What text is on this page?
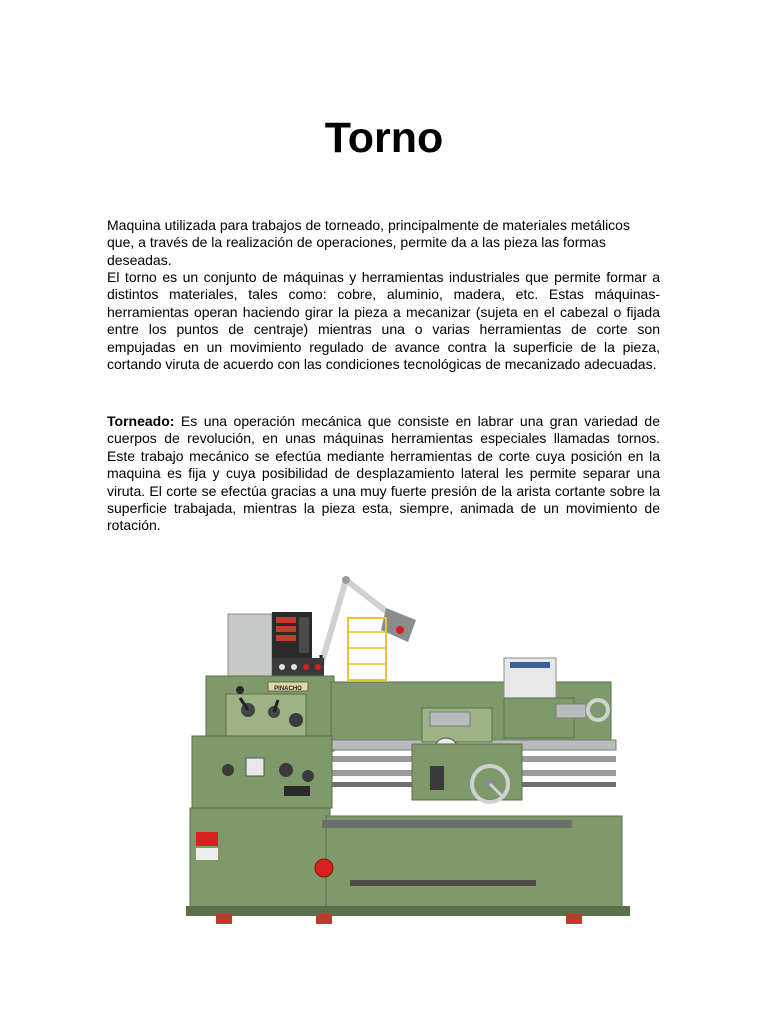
Torno

Maquina utilizada para trabajos de torneado, principalmente de materiales metálicos que, a través de la realización de operaciones, permite da a las pieza las formas deseadas.

El torno es un conjunto de máquinas y herramientas industriales que permite formar a distintos materiales, tales como: cobre, aluminio, madera, etc. Estas máquinas-herramientas operan haciendo girar la pieza a mecanizar (sujeta en el cabezal o fijada entre los puntos de centraje) mientras una o varias herramientas de corte son empujadas en un movimiento regulado de avance contra la superficie de la pieza, cortando viruta de acuerdo con las condiciones tecnológicas de mecanizado adecuadas.

Torneado: Es una operación mecánica que consiste en labrar una gran variedad de cuerpos de revolución, en unas máquinas herramientas especiales llamadas tornos. Este trabajo mecánico se efectúa mediante herramientas de corte cuya posición en la maquina es fija y cuya posibilidad de desplazamiento lateral les permite separar una viruta. El corte se efectúa gracias a una muy fuerte presión de la arista cortante sobre la superficie trabajada, mientras la pieza esta, siempre, animada de un movimiento de rotación.

PINACHO
